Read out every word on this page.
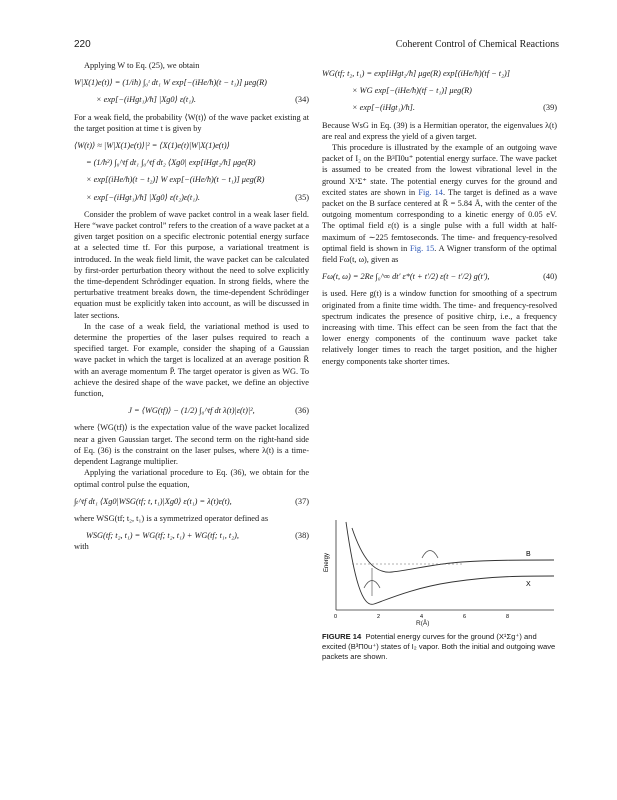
220	Coherent Control of Chemical Reactions

Applying W to Eq. (25), we obtain

W|X(1)e(t)⟩ = (1/iħ) ∫₀ᵗ dt₁ W exp[−(iHe/ħ)(t − t₁)] μeg(R)
× exp[−(iHgt₁)/ħ] |Xg0⟩ ε(t₁).	(34)

For a weak field, the probability ⟨W(t)⟩ of the wave packet existing at the target position at time t is given by

⟨W(t)⟩ ≈ |W|X(1)e(t)⟩|² = ⟨X(1)e(t)|W|X(1)e(t)⟩
= (1/ħ²) ∫₀^tf dt₁ ∫₀^tf dt₂ ⟨Xg0| exp[iHgt₂/ħ] μge(R)
× exp[(iHe/ħ)(t − t₂)] W exp[−(iHe/ħ)(t − t₁)] μeg(R)
× exp[−(iHgt₁)/ħ] |Xg0⟩ ε(t₂)ε(t₁).	(35)

Consider the problem of wave packet control in a weak laser field. Here “wave packet control” refers to the creation of a wave packet at a given target position on a specific electronic potential energy surface at a selected time tf. For this purpose, a variational treatment is introduced. In the weak field limit, the wave packet can be calculated by first-order perturbation theory without the need to solve explicitly the time-dependent Schrödinger equation. In strong fields, where the perturbative treatment breaks down, the time-dependent Schrödinger equation must be explicitly taken into account, as will be discussed in later sections.

In the case of a weak field, the variational method is used to determine the properties of the laser pulses required to reach a specified target. For example, consider the shaping of a Gaussian wave packet in which the target is localized at an average position R̄ with an average momentum P̄. The target operator is given as WG. To achieve the desired shape of the wave packet, we define an objective function,

J = ⟨WG(tf)⟩ − (1/2) ∫₀^tf dt λ(t)|ε(t)|²,	(36)

where ⟨WG(tf)⟩ is the expectation value of the wave packet localized near a given Gaussian target. The second term on the right-hand side of Eq. (36) is the constraint on the laser pulses, where λ(t) is a time-dependent Lagrange multiplier.

Applying the variational procedure to Eq. (36), we obtain for the optimal control pulse the equation,

∫ₜ^tf dt₁ ⟨Xg0|WSG(tf; t, t₁)|Xg0⟩ ε(t₁) = λ(t)ε(t),	(37)

where WSG(tf; t₂, t₁) is a symmetrized operator defined as

WSG(tf; t₂, t₁) = WG(tf; t₂, t₁) + WG(tf; t₁, t₂),	(38)

with

WG(tf; t₂, t₁) = exp[iHgt₂/ħ] μge(R) exp[(iHe/ħ)(tf − t₂)]
× WG exp[−(iHe/ħ)(tf − t₁)] μeg(R)
× exp[−(iHgt₁)/ħ].	(39)

Because WsG in Eq. (39) is a Hermitian operator, the eigenvalues λ(t) are real and express the yield of a given target.

This procedure is illustrated by the example of an outgoing wave packet of I₂ on the B³Π0u⁺ potential energy surface. The wave packet is assumed to be created from the lowest vibrational level in the ground X¹Σ⁺ state. The potential energy curves for the ground and excited states are shown in Fig. 14. The target is defined as a wave packet on the B surface centered at R̄ = 5.84 Å, with the center of the outgoing momentum corresponding to a kinetic energy of 0.05 eV. The optimal field ε(t) is a single pulse with a full width at half-maximum of ∼225 femtoseconds. The time- and frequency-resolved optimal field is shown in Fig. 15. A Wigner transform of the optimal field Fω(t, ω), given as

Fω(t, ω) = 2Re ∫₀^∞ dt′ ε*(t + t′/2) ε(t − t′/2) g(t′),	(40)

is used. Here g(t) is a window function for smoothing of a spectrum originated from a finite time width. The time- and frequency-resolved spectrum indicates the presence of positive chirp, i.e., a frequency increasing with time. This effect can be seen from the fact that the lower energy components of the continuum wave packet take relatively longer times to reach the target position, and the higher energy components take shorter times.

B
X
Energy
0	2	4	6	8
R(Å)
FIGURE 14 Potential energy curves for the ground (X¹Σg⁺) and excited (B³Π0u⁺) states of I₂ vapor. Both the initial and outgoing wave packets are shown.
